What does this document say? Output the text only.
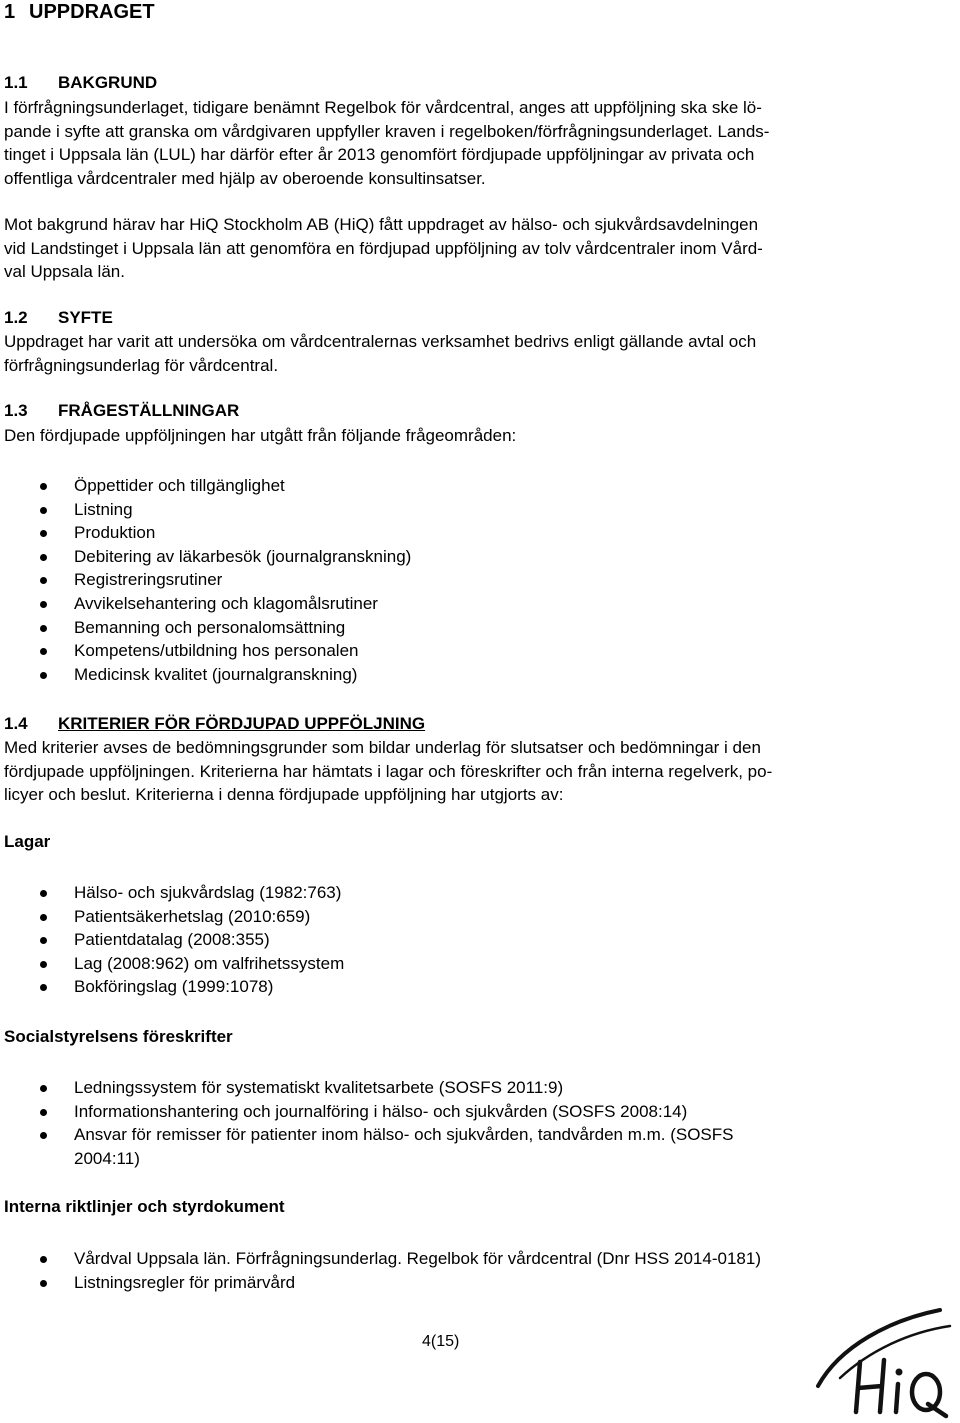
1 UPPDRAGET
1.1 BAKGRUND

I förfrågningsunderlaget, tidigare benämnt Regelbok för vårdcentral, anges att uppföljning ska ske lö-
pande i syfte att granska om vårdgivaren uppfyller kraven i regelboken/förfrågningsunderlaget. Lands-
tinget i Uppsala län (LUL) har därför efter år 2013 genomfört fördjupade uppföljningar av privata och
offentliga vårdcentraler med hjälp av oberoende konsultinsatser.

Mot bakgrund härav har HiQ Stockholm AB (HiQ) fått uppdraget av hälso- och sjukvårdsavdelningen
vid Landstinget i Uppsala län att genomföra en fördjupad uppföljning av tolv vårdcentraler inom Vård-
val Uppsala län.

1.2 SYFTE

Uppdraget har varit att undersöka om vårdcentralernas verksamhet bedrivs enligt gällande avtal och
förfrågningsunderlag för vårdcentral.

1.3 FRÅGESTÄLLNINGAR

Den fördjupade uppföljningen har utgått från följande frågeområden:

Öppettider och tillgänglighet
Listning
Produktion
Debitering av läkarbesök (journalgranskning)
Registreringsrutiner
Avvikelsehantering och klagomålsrutiner
Bemanning och personalomsättning
Kompetens/utbildning hos personalen
Medicinsk kvalitet (journalgranskning)
1.4 KRITERIER FÖR FÖRDJUPAD UPPFÖLJNING

Med kriterier avses de bedömningsgrunder som bildar underlag för slutsatser och bedömningar i den
fördjupade uppföljningen. Kriterierna har hämtats i lagar och föreskrifter och från interna regelverk, po-
licyer och beslut. Kriterierna i denna fördjupade uppföljning har utgjorts av:

Lagar
Hälso- och sjukvårdslag (1982:763)
Patientsäkerhetslag (2010:659)
Patientdatalag (2008:355)
Lag (2008:962) om valfrihetssystem
Bokföringslag (1999:1078)
Socialstyrelsens föreskrifter
Ledningssystem för systematiskt kvalitetsarbete (SOSFS 2011:9)
Informationshantering och journalföring i hälso- och sjukvården (SOSFS 2008:14)
Ansvar för remisser för patienter inom hälso- och sjukvården, tandvården m.m. (SOSFS
2004:11)
Interna riktlinjer och styrdokument
Vårdval Uppsala län. Förfrågningsunderlag. Regelbok för vårdcentral (Dnr HSS 2014-0181)
Listningsregler för primärvård
4(15)
